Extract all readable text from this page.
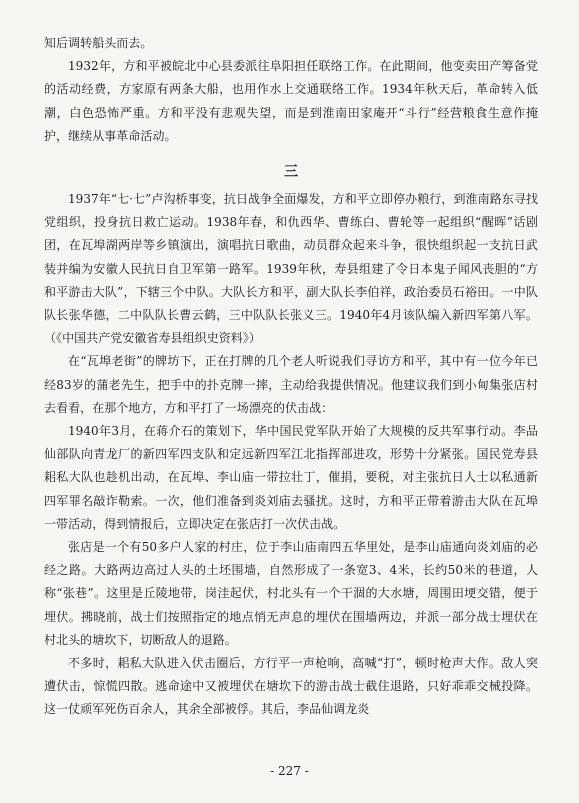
知后调转船头而去。

1932年，方和平被皖北中心县委派往阜阳担任联络工作。在此期间，他变卖田产筹备党的活动经费，方家原有两条大船，也用作水上交通联络工作。1934年秋天后，革命转入低潮，白色恐怖严重。方和平没有悲观失望，而是到淮南田家庵开“斗行”经营粮食生意作掩护，继续从事革命活动。

三

1937年“七·七”卢沟桥事变，抗日战争全面爆发，方和平立即停办粮行，到淮南路东寻找党组织，投身抗日救亡运动。1938年春，和仇西华、曹练白、曹轮等一起组织“醒晖”话剧团，在瓦埠湖两岸等乡镇演出，演唱抗日歌曲，动员群众起来斗争，很快组织起一支抗日武装并编为安徽人民抗日自卫军第一路军。1939年秋，寿县组建了令日本鬼子闻风丧胆的“方和平游击大队”，下辖三个中队。大队长方和平，副大队长李伯祥，政治委员石裕田。一中队队长张华德，二中队队长曹云鹤，三中队队长张义三。1940年4月该队编入新四军第八军。（《中国共产党安徽省寿县组织史资料》）

在“瓦埠老街”的牌坊下，正在打牌的几个老人听说我们寻访方和平，其中有一位今年已经83岁的蒲老先生，把手中的扑克牌一摔，主动给我提供情况。他建议我们到小甸集张店村去看看，在那个地方，方和平打了一场漂亮的伏击战：

1940年3月，在蒋介石的策划下，华中国民党军队开始了大规模的反共军事行动。李品仙部队向青龙厂的新四军四支队和定远新四军江北指挥部进攻，形势十分紧张。国民党寿县耜私大队也趁机出动，在瓦埠、李山庙一带拉壮丁，催捐，要税，对主张抗日人士以私通新四军罪名敲诈勒索。一次，他们准备到炎刘庙去骚扰。这时，方和平正带着游击大队在瓦埠一带活动，得到情报后，立即决定在张店打一次伏击战。

张店是一个有50多户人家的村庄，位于李山庙南四五华里处，是李山庙通向炎刘庙的必经之路。大路两边高过人头的土坯围墙，自然形成了一条宽3、4米，长约50米的巷道，人称“张巷”。这里是丘陵地带，岗洼起伏，村北头有一个干涸的大水塘，周围田埂交错，便于埋伏。拂晓前，战士们按照指定的地点悄无声息的埋伏在围墙两边，并派一部分战士埋伏在村北头的塘坎下，切断敌人的退路。

不多时，耜私大队进入伏击圈后，方行平一声枪响，高喊“打”，顿时枪声大作。敌人突遭伏击，惊慌四散。逃命途中又被埋伏在塘坎下的游击战士截住退路，只好乖乖交械投降。这一仗顽军死伤百余人，其余全部被俘。其后，李品仙调龙炎

- 227 -
